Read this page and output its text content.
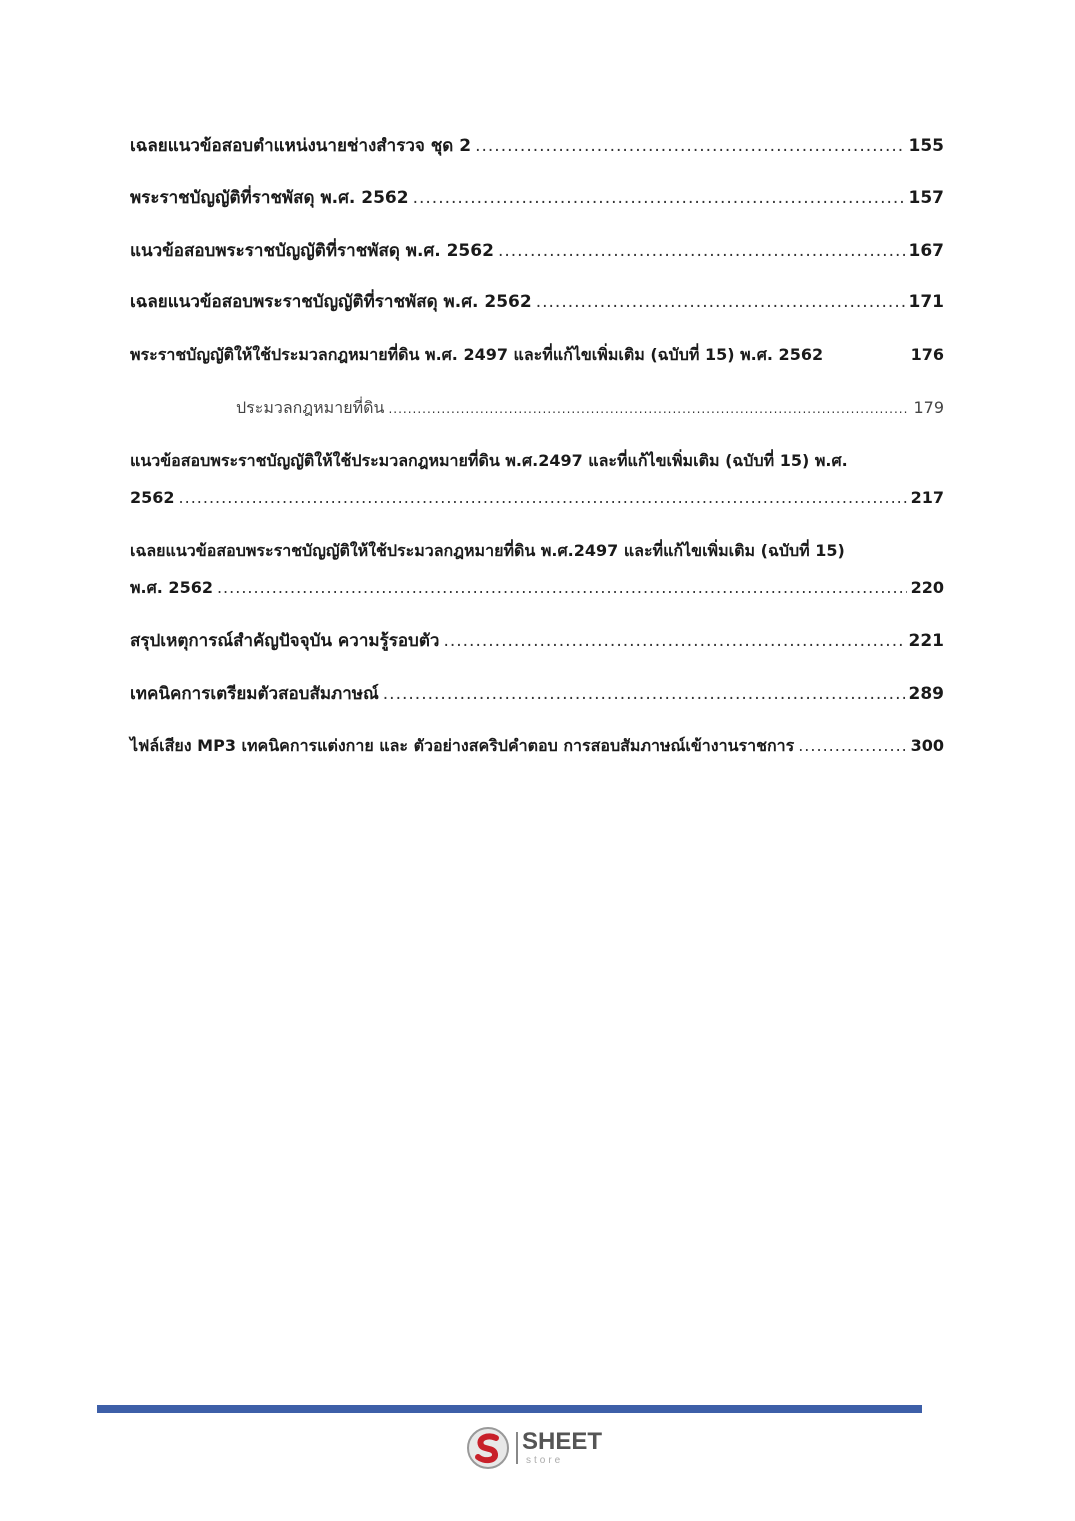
เฉลยแนวข้อสอบตำแหน่งนายช่างสำรวจ ชุด 2 .....	155
พระราชบัญญัติที่ราชพัสดุ พ.ศ. 2562 .....	157
แนวข้อสอบพระราชบัญญัติที่ราชพัสดุ พ.ศ. 2562 .....	167
เฉลยแนวข้อสอบพระราชบัญญัติที่ราชพัสดุ พ.ศ. 2562 .....	171
พระราชบัญญัติให้ใช้ประมวลกฎหมายที่ดิน พ.ศ. 2497 และที่แก้ไขเพิ่มเติม (ฉบับที่ 15) พ.ศ. 2562	176
ประมวลกฎหมายที่ดิน .....	179
แนวข้อสอบพระราชบัญญัติให้ใช้ประมวลกฎหมายที่ดิน พ.ศ.2497 และที่แก้ไขเพิ่มเติม (ฉบับที่ 15) พ.ศ.
2562 .....	217
เฉลยแนวข้อสอบพระราชบัญญัติให้ใช้ประมวลกฎหมายที่ดิน พ.ศ.2497 และที่แก้ไขเพิ่มเติม (ฉบับที่ 15)
พ.ศ. 2562 .....	220
สรุปเหตุการณ์สำคัญปัจจุบัน ความรู้รอบตัว .....	221
เทคนิคการเตรียมตัวสอบสัมภาษณ์ .....	289
ไฟล์เสียง MP3 เทคนิคการแต่งกาย และ ตัวอย่างสคริปคำตอบ การสอบสัมภาษณ์เข้างานราชการ .....	300
SHEET
store
